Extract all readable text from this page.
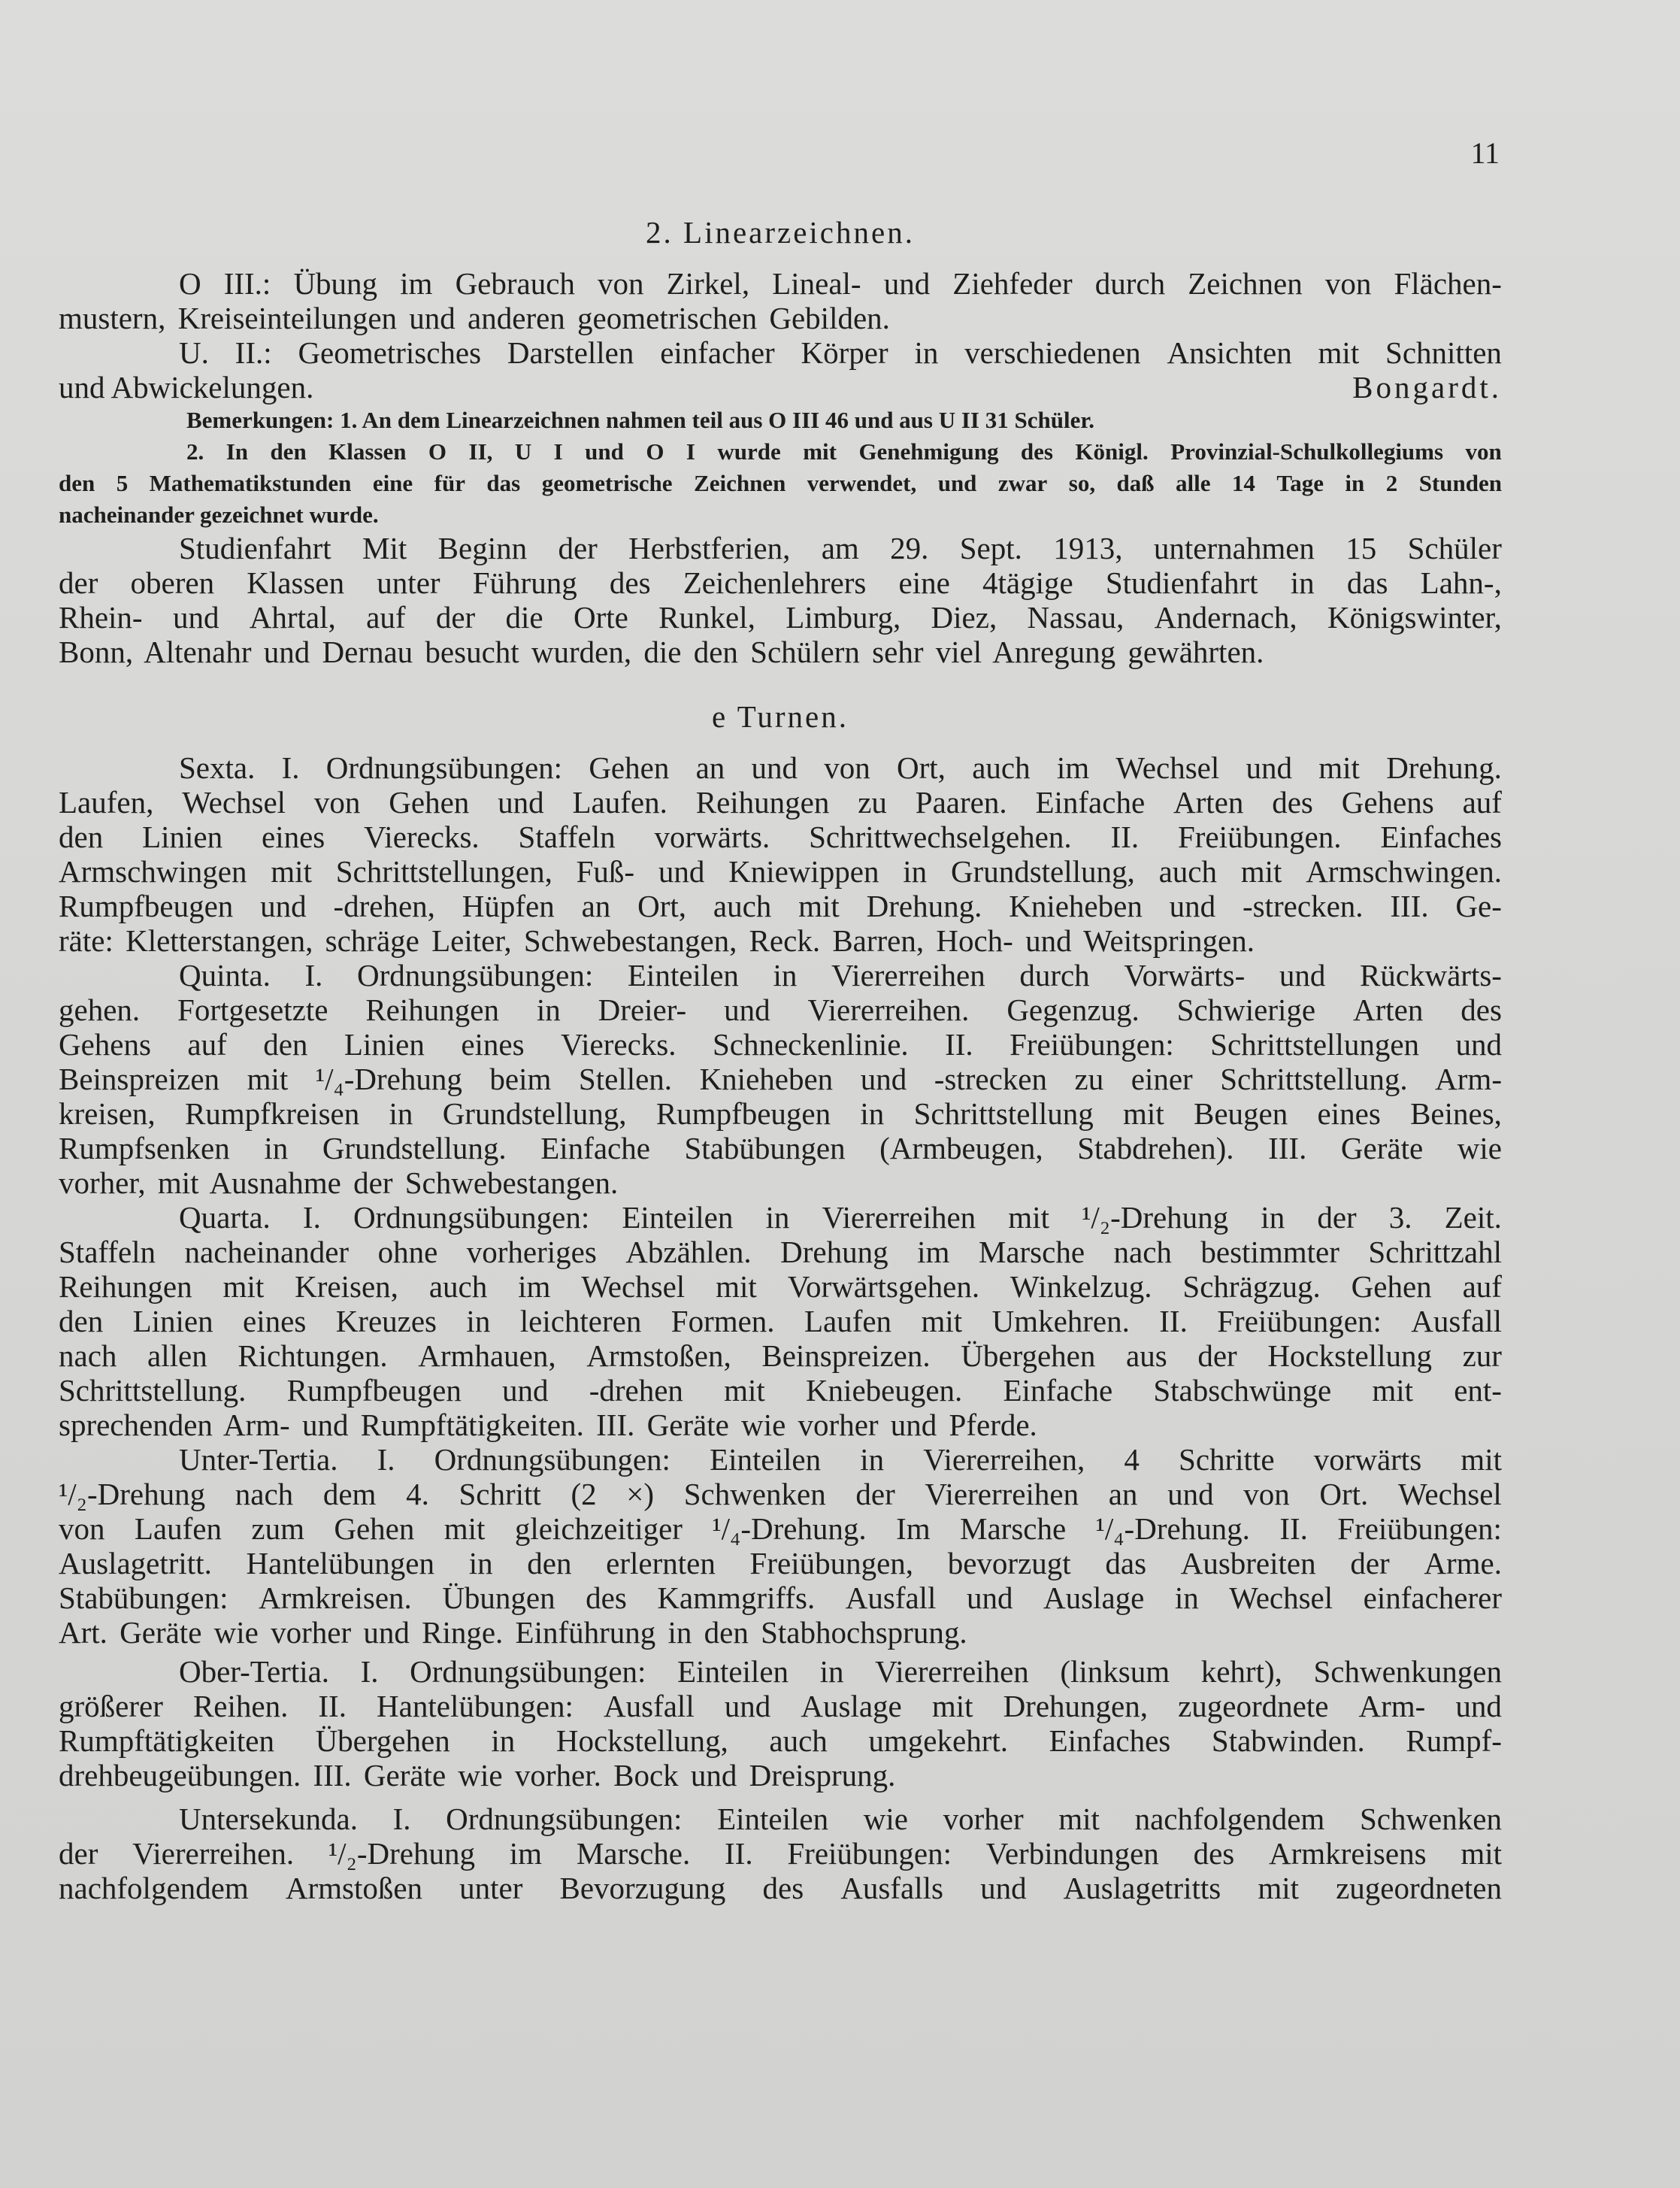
11
2. Linearzeichnen.
O III.: Übung im Gebrauch von Zirkel, Lineal- und Ziehfeder durch Zeichnen von Flächen-
mustern, Kreiseinteilungen und anderen geometrischen Gebilden.
U. II.: Geometrisches Darstellen einfacher Körper in verschiedenen Ansichten mit Schnitten
und Abwickelungen.	Bongardt.
Bemerkungen: 1. An dem Linearzeichnen nahmen teil aus O III 46 und aus U II 31 Schüler.
2. In den Klassen O II, U I und O I wurde mit Genehmigung des Königl. Provinzial-Schulkollegiums von
den 5 Mathematikstunden eine für das geometrische Zeichnen verwendet, und zwar so, daß alle 14 Tage in 2 Stunden
nacheinander gezeichnet wurde.
Studienfahrt Mit Beginn der Herbstferien, am 29. Sept. 1913, unternahmen 15 Schüler
der oberen Klassen unter Führung des Zeichenlehrers eine 4tägige Studienfahrt in das Lahn-,
Rhein- und Ahrtal, auf der die Orte Runkel, Limburg, Diez, Nassau, Andernach, Königswinter,
Bonn, Altenahr und Dernau besucht wurden, die den Schülern sehr viel Anregung gewährten.
e Turnen.
Sexta. I. Ordnungsübungen: Gehen an und von Ort, auch im Wechsel und mit Drehung.
Laufen, Wechsel von Gehen und Laufen. Reihungen zu Paaren. Einfache Arten des Gehens auf
den Linien eines Vierecks. Staffeln vorwärts. Schrittwechselgehen. II. Freiübungen. Einfaches
Armschwingen mit Schrittstellungen, Fuß- und Kniewippen in Grundstellung, auch mit Armschwingen.
Rumpfbeugen und -drehen, Hüpfen an Ort, auch mit Drehung. Knieheben und -strecken. III. Ge-
räte: Kletterstangen, schräge Leiter, Schwebestangen, Reck. Barren, Hoch- und Weitspringen.
Quinta. I. Ordnungsübungen: Einteilen in Viererreihen durch Vorwärts- und Rückwärts-
gehen. Fortgesetzte Reihungen in Dreier- und Viererreihen. Gegenzug. Schwierige Arten des
Gehens auf den Linien eines Vierecks. Schneckenlinie. II. Freiübungen: Schrittstellungen und
Beinspreizen mit ¹/₄-Drehung beim Stellen. Knieheben und -strecken zu einer Schrittstellung. Arm-
kreisen, Rumpfkreisen in Grundstellung, Rumpfbeugen in Schrittstellung mit Beugen eines Beines,
Rumpfsenken in Grundstellung. Einfache Stabübungen (Armbeugen, Stabdrehen). III. Geräte wie
vorher, mit Ausnahme der Schwebestangen.
Quarta. I. Ordnungsübungen: Einteilen in Viererreihen mit ¹/₂-Drehung in der 3. Zeit.
Staffeln nacheinander ohne vorheriges Abzählen. Drehung im Marsche nach bestimmter Schrittzahl
Reihungen mit Kreisen, auch im Wechsel mit Vorwärtsgehen. Winkelzug. Schrägzug. Gehen auf
den Linien eines Kreuzes in leichteren Formen. Laufen mit Umkehren. II. Freiübungen: Ausfall
nach allen Richtungen. Armhauen, Armstoßen, Beinspreizen. Übergehen aus der Hockstellung zur
Schrittstellung. Rumpfbeugen und -drehen mit Kniebeugen. Einfache Stabschwünge mit ent-
sprechenden Arm- und Rumpftätigkeiten. III. Geräte wie vorher und Pferde.
Unter-Tertia. I. Ordnungsübungen: Einteilen in Viererreihen, 4 Schritte vorwärts mit
¹/₂-Drehung nach dem 4. Schritt (2 ×) Schwenken der Viererreihen an und von Ort. Wechsel
von Laufen zum Gehen mit gleichzeitiger ¹/₄-Drehung. Im Marsche ¹/₄-Drehung. II. Freiübungen:
Auslagetritt. Hantelübungen in den erlernten Freiübungen, bevorzugt das Ausbreiten der Arme.
Stabübungen: Armkreisen. Übungen des Kammgriffs. Ausfall und Auslage in Wechsel einfacherer
Art. Geräte wie vorher und Ringe. Einführung in den Stabhochsprung.
Ober-Tertia. I. Ordnungsübungen: Einteilen in Viererreihen (linksum kehrt), Schwenkungen
größerer Reihen. II. Hantelübungen: Ausfall und Auslage mit Drehungen, zugeordnete Arm- und
Rumpftätigkeiten Übergehen in Hockstellung, auch umgekehrt. Einfaches Stabwinden. Rumpf-
drehbeugeübungen. III. Geräte wie vorher. Bock und Dreisprung.
Untersekunda. I. Ordnungsübungen: Einteilen wie vorher mit nachfolgendem Schwenken
der Viererreihen. ¹/₂-Drehung im Marsche. II. Freiübungen: Verbindungen des Armkreisens mit
nachfolgendem Armstoßen unter Bevorzugung des Ausfalls und Auslagetritts mit zugeordneten
